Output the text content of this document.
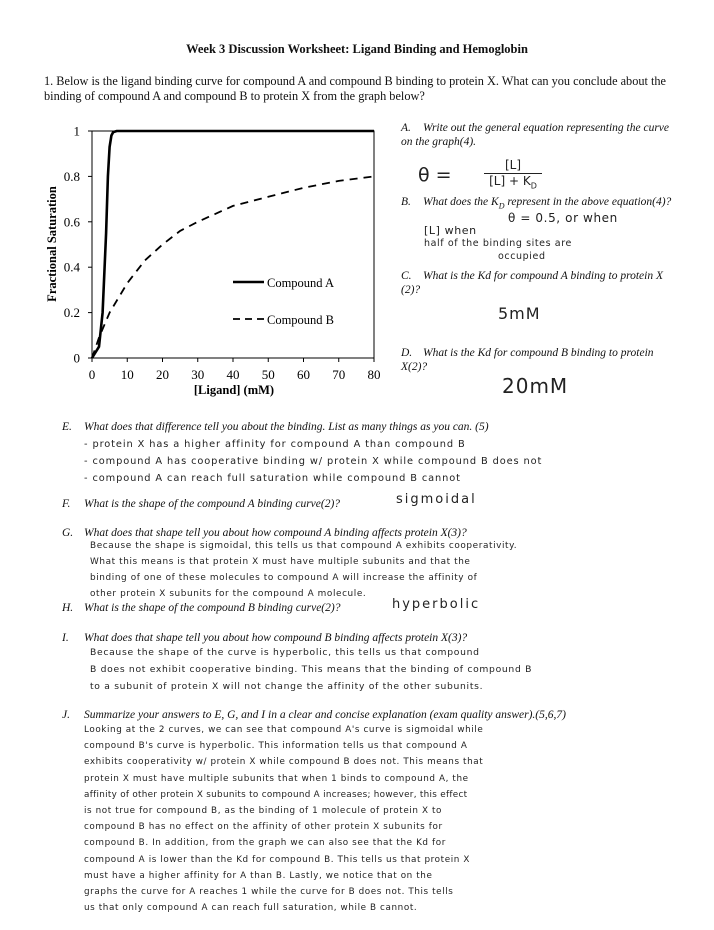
Week 3 Discussion Worksheet: Ligand Binding and Hemoglobin
1. Below is the ligand binding curve for compound A and compound B binding to protein X. What can you conclude about the binding of compound A and compound B to protein X from the graph below?
0 10 20 30 40 50 60 70 80
0
0.2
0.4
0.6
0.8
1
Compound A
Compound B
[Ligand] (mM)
Fractional Saturation
A. Write out the general equation representing the curve on the graph(4).
θ =	[L]
$[L] + K_D$
B. What does the $K_D$ represent in the above equation(4)?
θ = 0.5, or when
[L] when
half of the binding sites are
occupied
C. What is the Kd for compound A binding to protein X (2)?
5mM
D. What is the Kd for compound B binding to protein X(2)?
20mM
E. What does that difference tell you about the binding. List as many things as you can. (5)
- protein X has a higher affinity for compound A than compound B
- compound A has cooperative binding w/ protein X while compound B does not
- compound A can reach full saturation while compound B cannot
F. What is the shape of the compound A binding curve(2)?	sigmoidal
G. What does that shape tell you about how compound A binding affects protein X(3)?
Because the shape is sigmoidal, this tells us that compound A exhibits cooperativity.
What this means is that protein X must have multiple subunits and that the
binding of one of these molecules to compound A will increase the affinity of
other protein X subunits for the compound A molecule.
H. What is the shape of the compound B binding curve(2)?	hyperbolic
I. What does that shape tell you about how compound B binding affects protein X(3)?
Because the shape of the curve is hyperbolic, this tells us that compound
B does not exhibit cooperative binding. This means that the binding of compound B
to a subunit of protein X will not change the affinity of the other subunits.
J. Summarize your answers to E, G, and I in a clear and concise explanation (exam quality answer).(5,6,7)
Looking at the 2 curves, we can see that compound A's curve is sigmoidal while
compound B's curve is hyperbolic. This information tells us that compound A
exhibits cooperativity w/ protein X while compound B does not. This means that
protein X must have multiple subunits that when 1 binds to compound A, the
affinity of other protein X subunits to compound A increases; however, this effect
is not true for compound B, as the binding of 1 molecule of protein X to
compound B has no effect on the affinity of other protein X subunits for
compound B. In addition, from the graph we can also see that the Kd for
compound A is lower than the Kd for compound B. This tells us that protein X
must have a higher affinity for A than B. Lastly, we notice that on the
graphs the curve for A reaches 1 while the curve for B does not. This tells
us that only compound A can reach full saturation, while B cannot.
